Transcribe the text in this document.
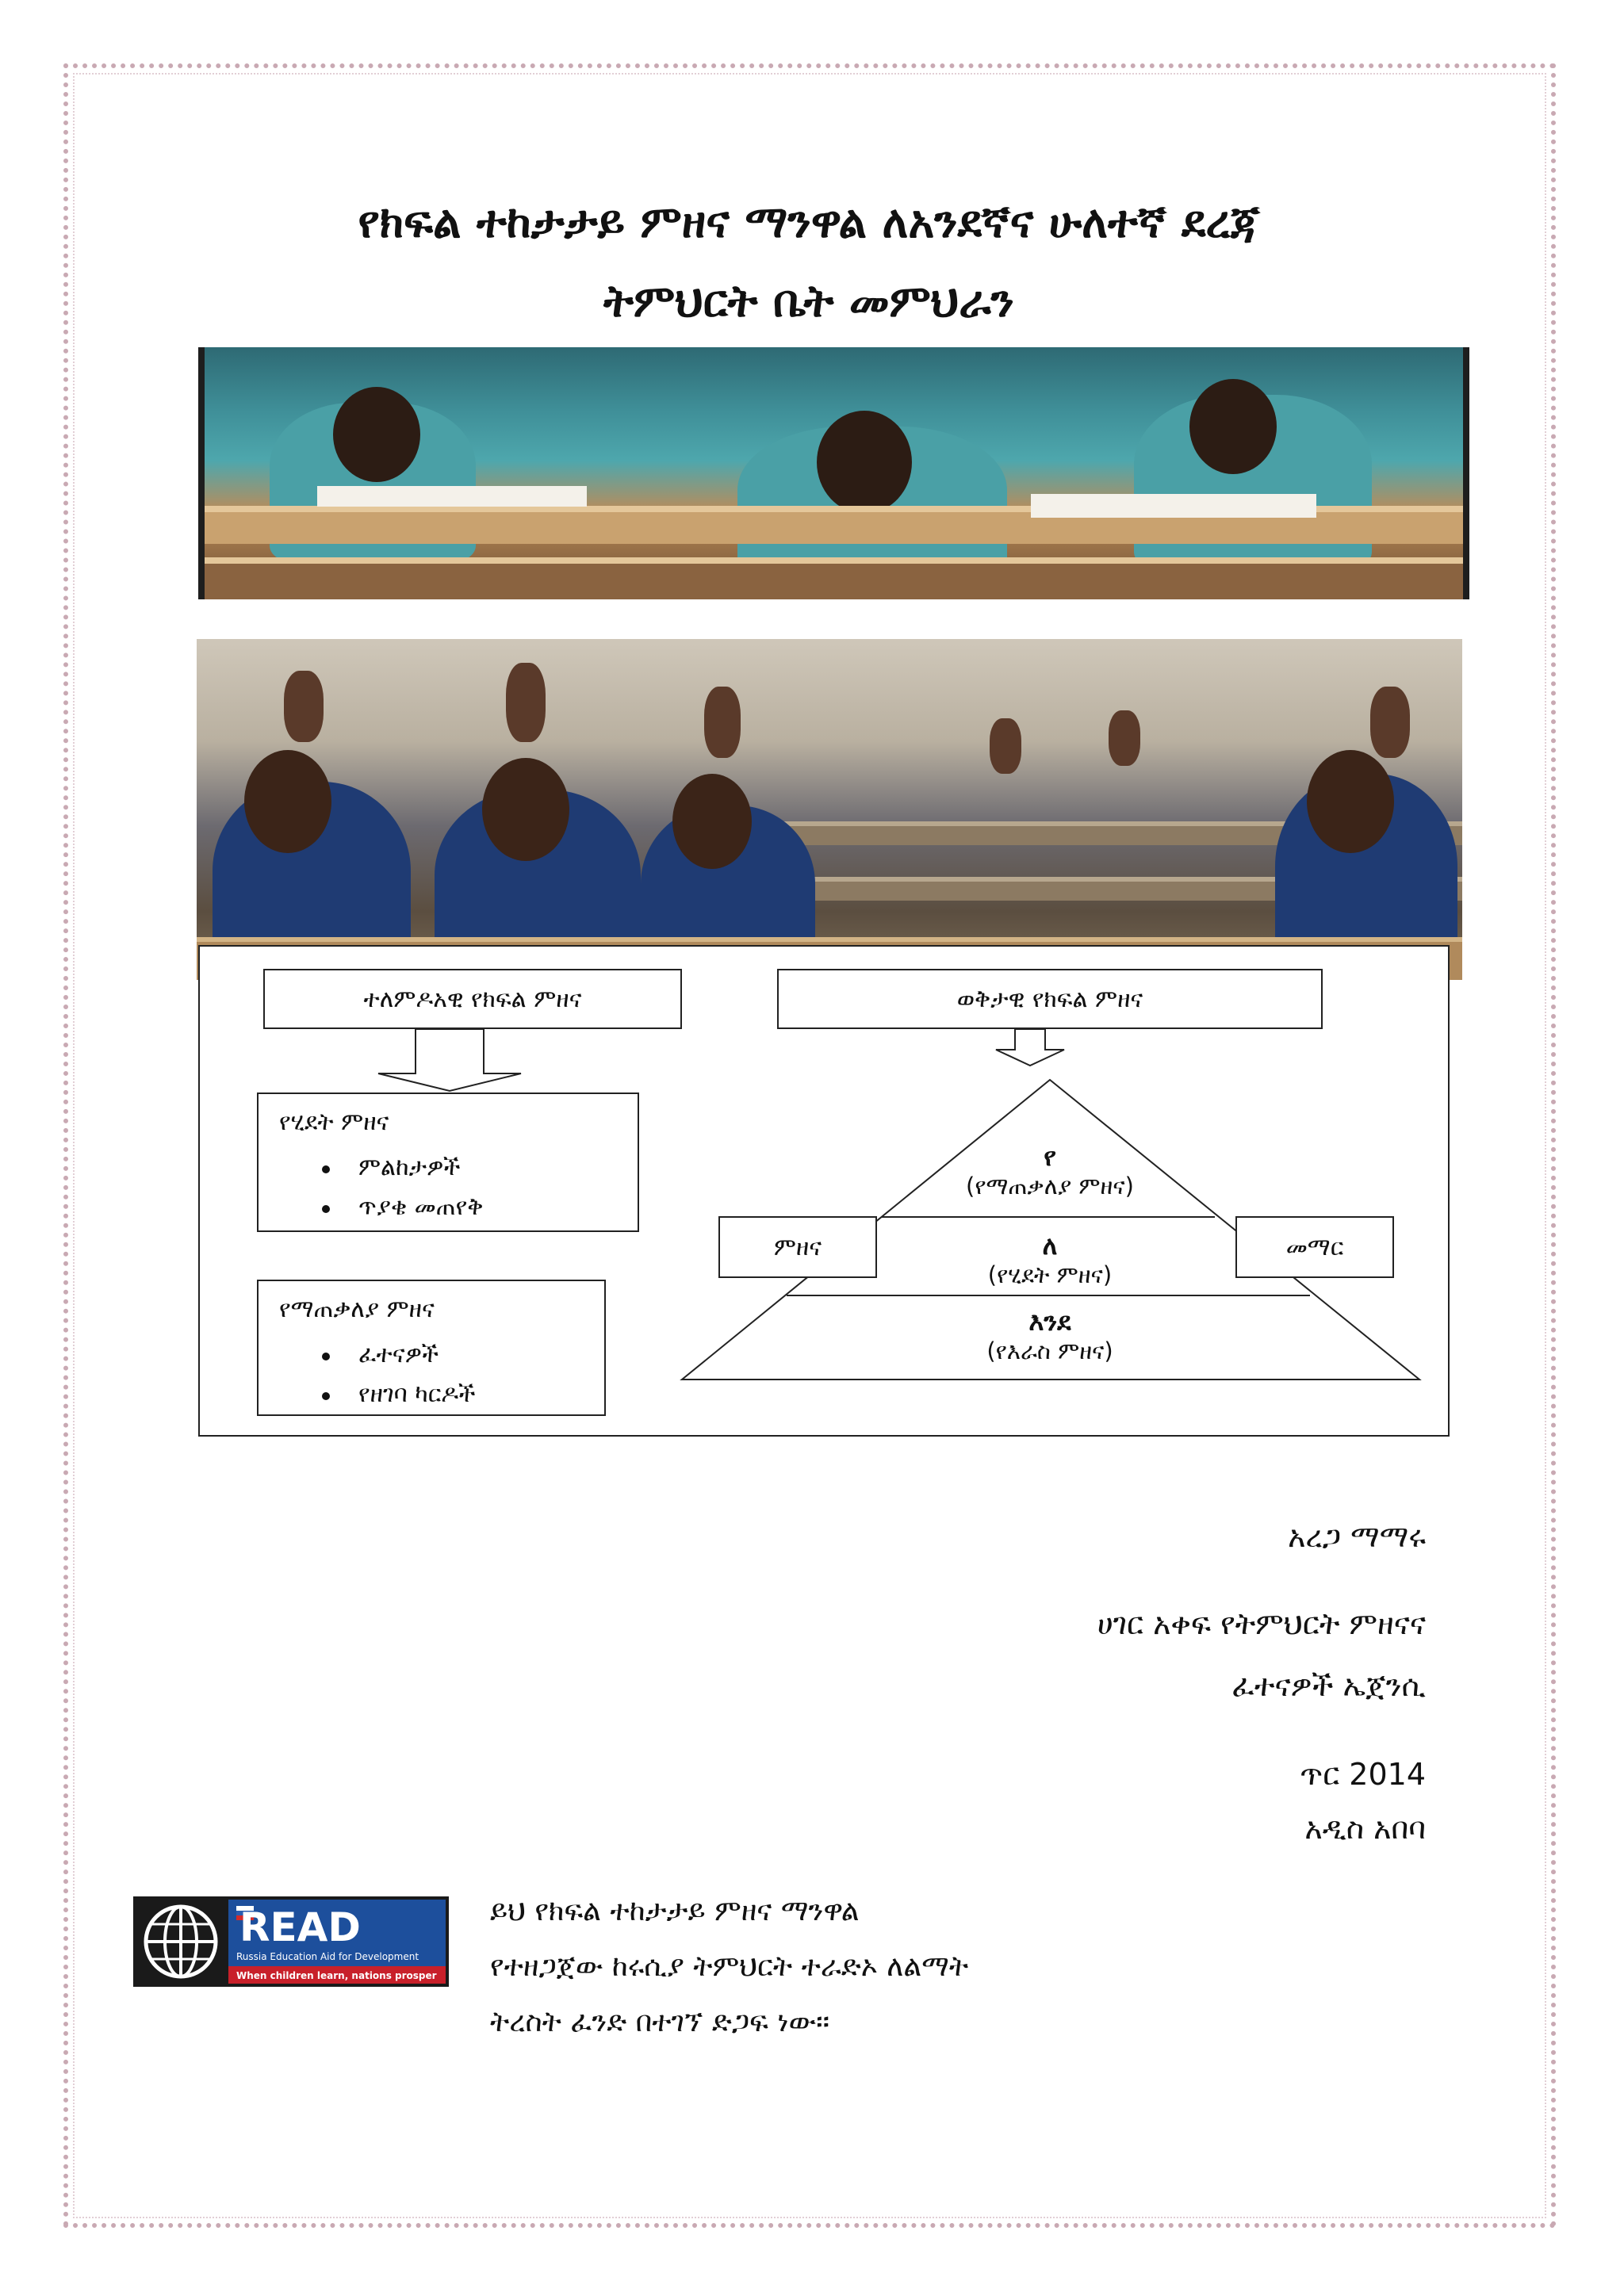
የክፍል ተከታታይ ምዘና ማንዋል ለአንደኛና ሁለተኛ ደረጃ
ትምህርት ቤት መምህራን
ተለምዶአዊ የክፍል ምዘና	ወቅታዊ የክፍል ምዘና
የሂደት ምዘና
ምልከታዎች
ጥያቄ መጠየቅ
የማጠቃለያ ምዘና
ፈተናዎች
የዘገባ ካርዶች
ምዘና	መማር
የ
(የማጠቃለያ ምዘና)
ለ
(የሂደት ምዘና)
እንደ
(የእራስ ምዘና)
አረጋ ማማሩ
ሀገር አቀፍ የትምህርት ምዘናና
ፈተናዎች ኤጀንሲ
ጥር 2014
አዲስ አበባ
READ
Russia Education Aid for Development
When children learn, nations prosper
ይህ የክፍል ተከታታይ ምዘና ማንዋል
የተዘጋጀው ከሩሲያ ትምህርት ተራድኦ ለልማት
ትረስት ፈንድ በተገኘ ድጋፍ ነው፡፡
